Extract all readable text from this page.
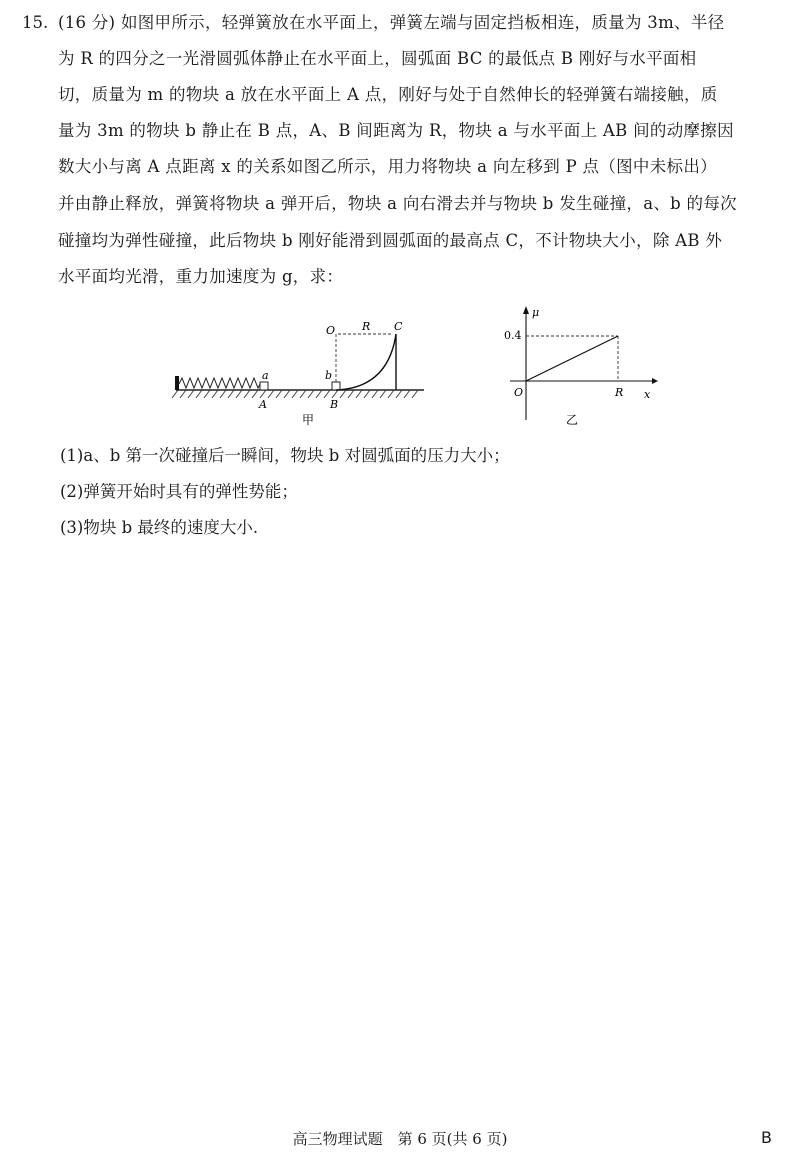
15. (16 分) 如图甲所示，轻弹簧放在水平面上，弹簧左端与固定挡板相连，质量为 3m、半径
为 R 的四分之一光滑圆弧体静止在水平面上，圆弧面 BC 的最低点 B 刚好与水平面相
切，质量为 m 的物块 a 放在水平面上 A 点，刚好与处于自然伸长的轻弹簧右端接触，质
量为 3m 的物块 b 静止在 B 点，A、B 间距离为 R，物块 a 与水平面上 AB 间的动摩擦因
数大小与离 A 点距离 x 的关系如图乙所示，用力将物块 a 向左移到 P 点（图中未标出）
并由静止释放，弹簧将物块 a 弹开后，物块 a 向右滑去并与物块 b 发生碰撞，a、b 的每次
碰撞均为弹性碰撞，此后物块 b 刚好能滑到圆弧面的最高点 C，不计物块大小，除 AB 外
水平面均光滑，重力加速度为 g，求：
a
A
b
B
O R C
甲
μ
x
O	R
0.4
乙
(1)a、b 第一次碰撞后一瞬间，物块 b 对圆弧面的压力大小；
(2)弹簧开始时具有的弹性势能；
(3)物块 b 最终的速度大小.
高三物理试题　第 6 页(共 6 页)	B
